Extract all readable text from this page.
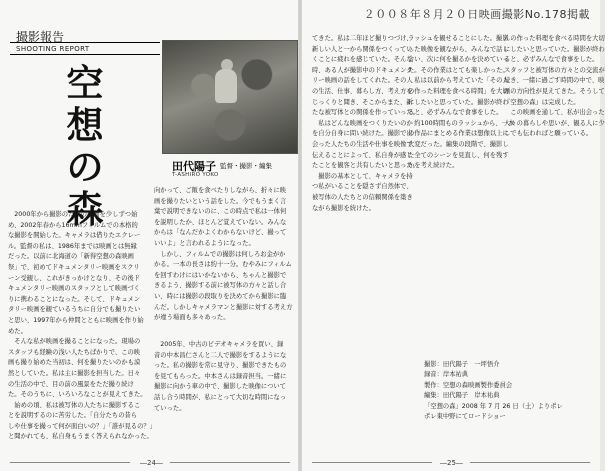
撮影報告
SHOOTING REPORT
空
想
の
森
田代陽子 監督・撮影・編集
T-ASHIRO YOKO
　2000年から撮影のための準備を少しずつ始
め、2002年春から16mmフィルムでの本格的
な撮影を開始した。キャメラは借りたエクレー
ル。監督の私は、1986年までは映画とは無縁
だった。以前に北海道の「新得空想の森映画
祭」で、初めてドキュメンタリー映画をスクリ
ーン受観し、これがきっかけとなり、その後ド
キュメンタリー映画のスタッフとして映画づく
りに携わることになった。そして、ドキュメン
タリー映画を観ているうちに自分でも撮りたい
と思い、1997年から仲間とともに映画を作り始
めた。
　そんな私が映画を撮ることになった。現場の
スタッフも経験の浅い人たちばかりで、この映
画も撮り始めた当初は、何を撮りたいのかも漠
然としていた。私は主に撮影を担当した。日々
の生活の中で、目の前の風景をただ撮り続け
た。そのうちに、いろいろなことが見えてきた。
　始めの頃、私は被写体の人たちに撮影するこ
とを説明するのに苦労した。「自分たちの昔ら
しや仕事を撮って何が面白いの？」「誰が見るの？」
と聞かれても、私自身もうまく答えられなかった。
向かって、ご飯を食べたりしながら、折々に映
画を撮りたいという話をした。今でもうまく言
葉で説明できないのに、この時点で私は一体何
を説明したか、ほとんど覚えていない。みんな
からは「なんだかよくわからないけど、撮って
いいよ」と言われるようになった。
　しかし、フィルムでの撮影は何しろお金がか
かる。一本の長さは約十一分。むやみにフィルム
を回すわけにはいかないから、ちゃんと撮影で
きるよう、撮影する前に被写体の方々と話し合
い、時には撮影の段取りを決めてから撮影に臨
んだ。しかしキャメラマンと撮影に対する考え方
が違う場面も多々あった。
　2005年、中古のビデオキャメラを買い、録
音の中本昌仁さんと二人で撮影をするようにな
った。私の撮影を常に見守り、撮影できたもの
を見てもらった。中本さんは録音担当。一緒に
撮影に向かう車の中で、撮影した映像について
話し合う時間が、私にとって大切な時間になっ
ていった。
―24―
２００８年８月２０日映画撮影No.178掲載
てきた。私は二年ほど撮りつづけ、
新しい人と一から関係をつくってい
くことに疲れを感じていた。そんな
時、ある人が撮影中のドキュメンタ
リー映画の話をしてくれた。その人
の生活、仕事、暮らし方、考え方を
じっくりと聞き、そこからまた、新
たな被写体との関係を作っていった。
　私はどんな映画をつくりたいのか
を自分自身に問い続けた。撮影で出
会った人たちの生活や仕事を映像で
伝えることによって、私自身が感じ
たことを観客と共有したいと思った。
　撮影の基本として、キャメラを持
つ私がいることを隠さず自然体で、
被写体の人たちとの信頼関係を築き
ながら撮影を続けた。
ラッシュを観せることにした。撮影
した映像を観ながら、みんなで話し
合い、次に何を撮るかを決めていっ
た。その作業はとても楽しかった。
　私は以前から考えていた「その人
の作った料理を食べる時間」を大切
にしたいと思っていた。撮影が終わ
ると、必ずみんなで食事をした。
　約100時間ものラッシュから、一本
の作品にまとめる作業は想像以上に
大変だった。編集の段階で、撮影し
た全てのシーンを見直し、何を残す
かを考え続けた。
んの作った料理を食べる時間を大切
にしたいと思っていた。撮影が終わ
ると、必ずみんなで食事をした。
スタッフと被写体の方々との交流が
続き、一緒に過ごす時間の中で、映
画の方向性が見えてきた。そうして
『空想の森』は完成した。
　この映画を通して、私が出会った
人々の暮らしや思いが、観る人に少
しでも伝わればと願っている。
撮影：田代陽子　一坪悟介
録音：岸本祐典
製作：空想の森映画製作委員会
編集：田代陽子　岸本祐典
「空想の森」2008 年 7 月 26 日（土）よりポレ
ポレ東中野にてロードショー
―25―
